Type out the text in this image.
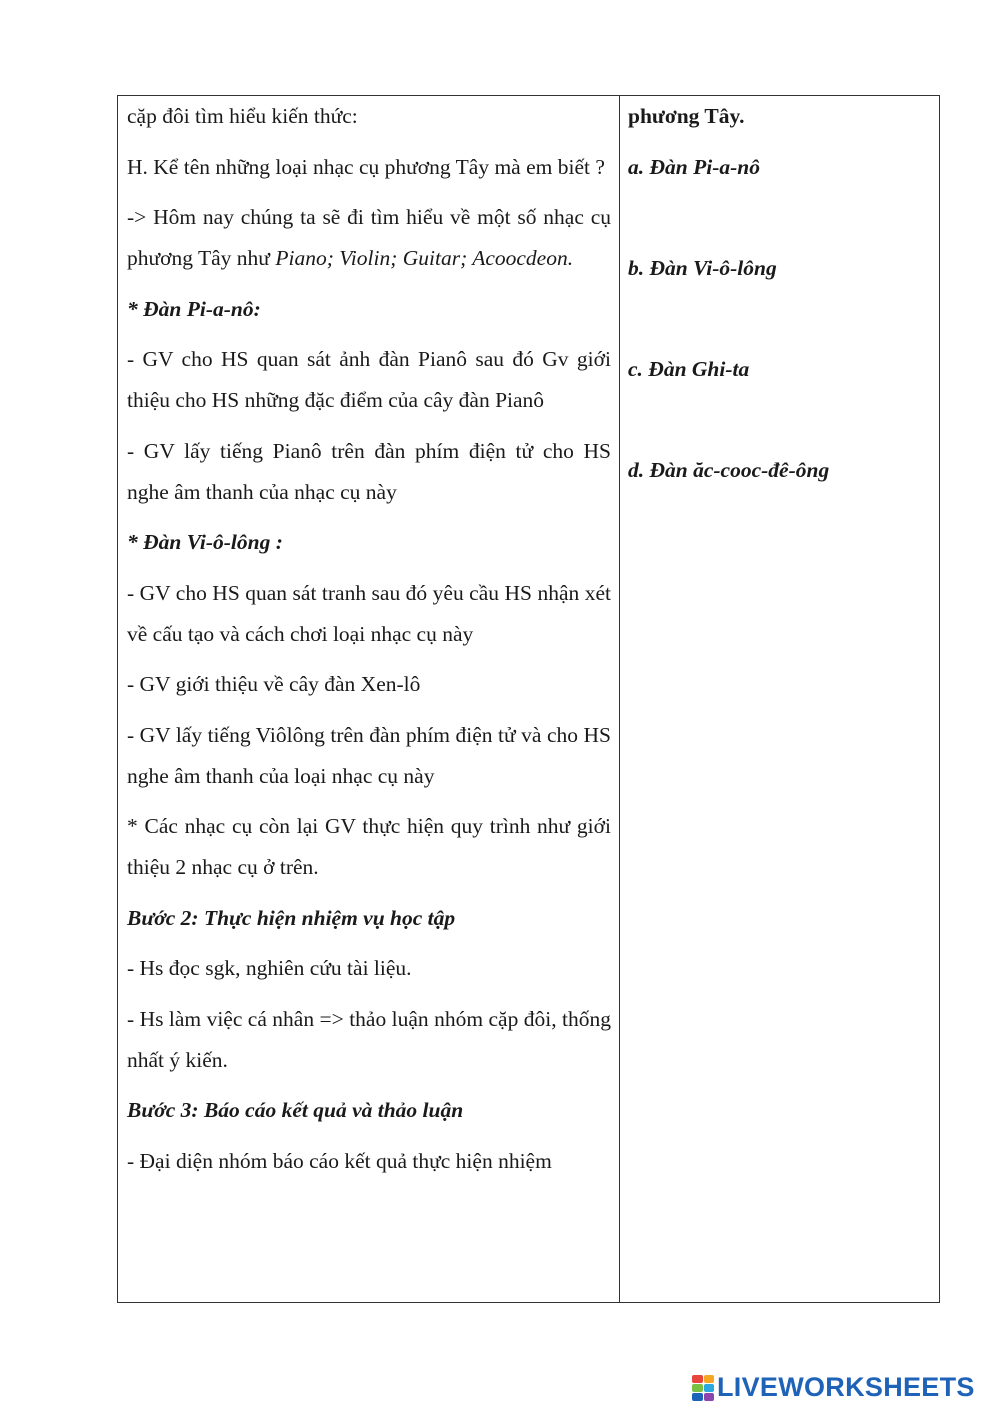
cặp đôi tìm hiểu kiến thức:

H. Kể tên những loại nhạc cụ phương Tây mà em biết ?

-> Hôm nay chúng ta sẽ đi tìm hiểu về một số nhạc cụ phương Tây như Piano; Violin; Guitar; Acoocdeon.

* Đàn Pi-a-nô:

- GV cho HS quan sát ảnh đàn Pianô sau đó Gv giới thiệu cho HS những đặc điểm của cây đàn Pianô

- GV lấy tiếng Pianô trên đàn phím điện tử cho HS nghe âm thanh của nhạc cụ này

* Đàn Vi-ô-lông :

- GV cho HS quan sát tranh sau đó yêu cầu HS nhận xét về cấu tạo và cách chơi loại nhạc cụ này

- GV giới thiệu về cây đàn Xen-lô

- GV lấy tiếng Viôlông trên đàn phím điện tử và cho HS nghe âm thanh của loại nhạc cụ này

* Các nhạc cụ còn lại GV thực hiện quy trình như giới thiệu 2 nhạc cụ ở trên.

Bước 2: Thực hiện nhiệm vụ học tập

- Hs đọc sgk, nghiên cứu tài liệu.

- Hs làm việc cá nhân => thảo luận nhóm cặp đôi, thống nhất ý kiến.

Bước 3: Báo cáo kết quả và thảo luận

- Đại diện nhóm báo cáo kết quả thực hiện nhiệm

phương Tây.

a. Đàn Pi-a-nô

b. Đàn Vi-ô-lông

c. Đàn Ghi-ta

d. Đàn ăc-cooc-đê-ông

LIVEWORKSHEETS
